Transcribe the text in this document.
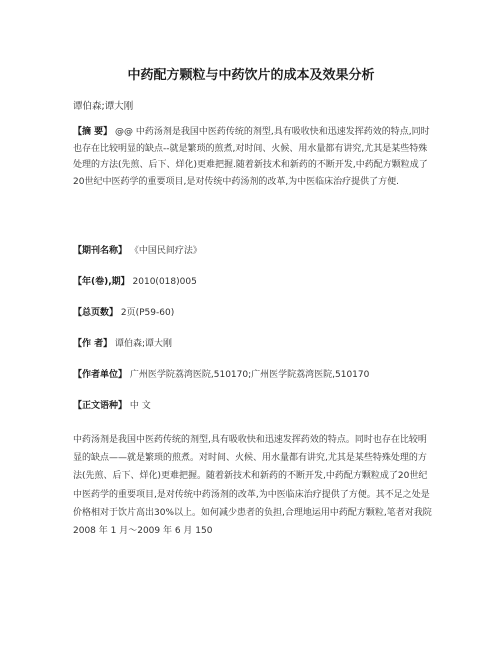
中药配方颗粒与中药饮片的成本及效果分析
谭伯森;谭大刚
【摘 要】 @@ 中药汤剂是我国中医药传统的剂型,具有吸收快和迅速发挥药效的特点,同时也存在比较明显的缺点--就是繁琐的煎煮,对时间、火候、用水量都有讲究,尤其是某些特殊处理的方法(先煎、后下、烊化)更难把握.随着新技术和新药的不断开发,中药配方颗粒成了20世纪中医药学的重要项目,是对传统中药汤剂的改革,为中医临床治疗提供了方便.
【期刊名称】 《中国民间疗法》
【年(卷),期】 2010(018)005
【总页数】 2页(P59-60)
【作 者】 谭伯森;谭大刚
【作者单位】 广州医学院荔湾医院,510170;广州医学院荔湾医院,510170
【正文语种】 中 文
中药汤剂是我国中医药传统的剂型,具有吸收快和迅速发挥药效的特点。同时也存在比较明显的缺点——就是繁琐的煎煮。对时间、火候、用水量都有讲究,尤其是某些特殊处理的方法(先煎、后下、烊化)更难把握。随着新技术和新药的不断开发,中药配方颗粒成了20世纪中医药学的重要项目,是对传统中药汤剂的改革,为中医临床治疗提供了方便。其不足之处是价格相对于饮片高出30%以上。如何减少患者的负担,合理地运用中药配方颗粒,笔者对我院 2008 年 1 月～2009 年 6 月 150
